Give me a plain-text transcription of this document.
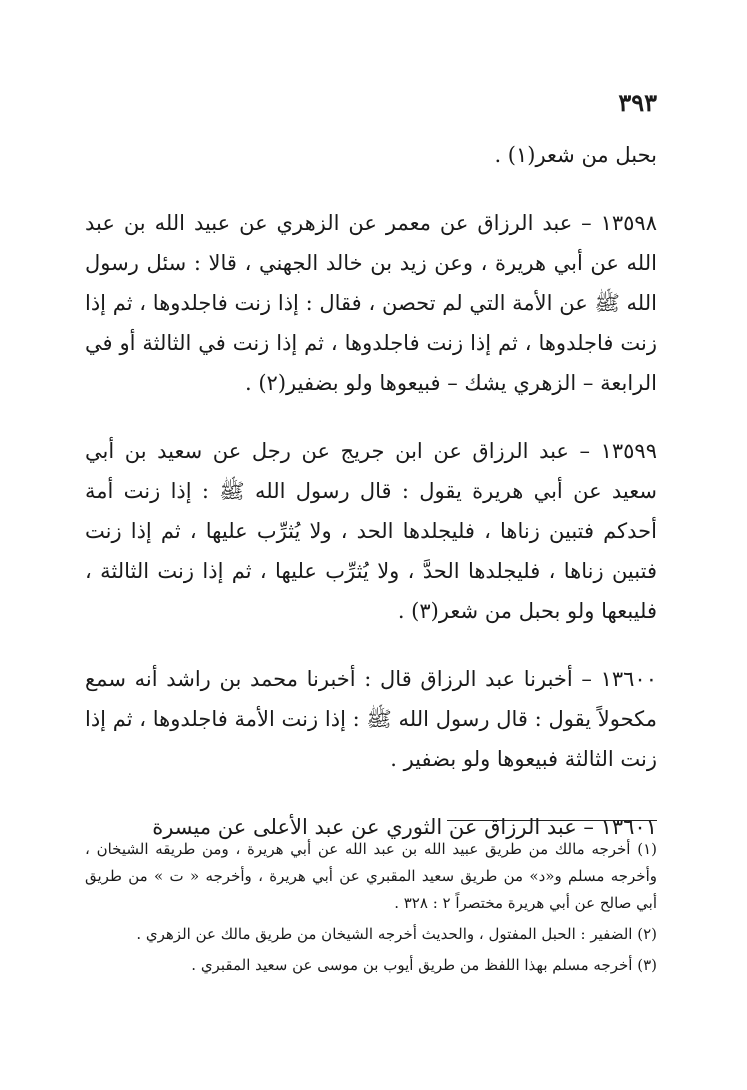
٣٩٣

بحبل من شعر(١) .

١٣٥٩٨ – عبد الرزاق عن معمر عن الزهري عن عبيد الله بن عبد الله عن أبي هريرة ، وعن زيد بن خالد الجهني ، قالا : سئل رسول الله ﷺ عن الأمة التي لم تحصن ، فقال : إذا زنت فاجلدوها ، ثم إذا زنت فاجلدوها ، ثم إذا زنت فاجلدوها ، ثم إذا زنت في الثالثة أو في الرابعة – الزهري يشك – فبيعوها ولو بضفير(٢) .

١٣٥٩٩ – عبد الرزاق عن ابن جريج عن رجل عن سعيد بن أبي سعيد عن أبي هريرة يقول : قال رسول الله ﷺ : إذا زنت أمة أحدكم فتبين زناها ، فليجلدها الحد ، ولا يُثرِّب عليها ، ثم إذا زنت فتبين زناها ، فليجلدها الحدَّ ، ولا يُثرِّب عليها ، ثم إذا زنت الثالثة ، فليبعها ولو بحبل من شعر(٣) .

١٣٦٠٠ – أخبرنا عبد الرزاق قال : أخبرنا محمد بن راشد أنه سمع مكحولاً يقول : قال رسول الله ﷺ : إذا زنت الأمة فاجلدوها ، ثم إذا زنت الثالثة فبيعوها ولو بضفير .

١٣٦٠١ – عبد الرزاق عن الثوري عن عبد الأعلى عن ميسرة

(١) أخرجه مالك من طريق عبيد الله بن عبد الله عن أبي هريرة ، ومن طريقه الشيخان ، وأخرجه مسلم و«د» من طريق سعيد المقبري عن أبي هريرة ، وأخرجه « ت » من طريق أبي صالح عن أبي هريرة مختصراً ٢ : ٣٢٨ .

(٢) الضفير : الحبل المفتول ، والحديث أخرجه الشيخان من طريق مالك عن الزهري .

(٣) أخرجه مسلم بهذا اللفظ من طريق أيوب بن موسى عن سعيد المقبري .
